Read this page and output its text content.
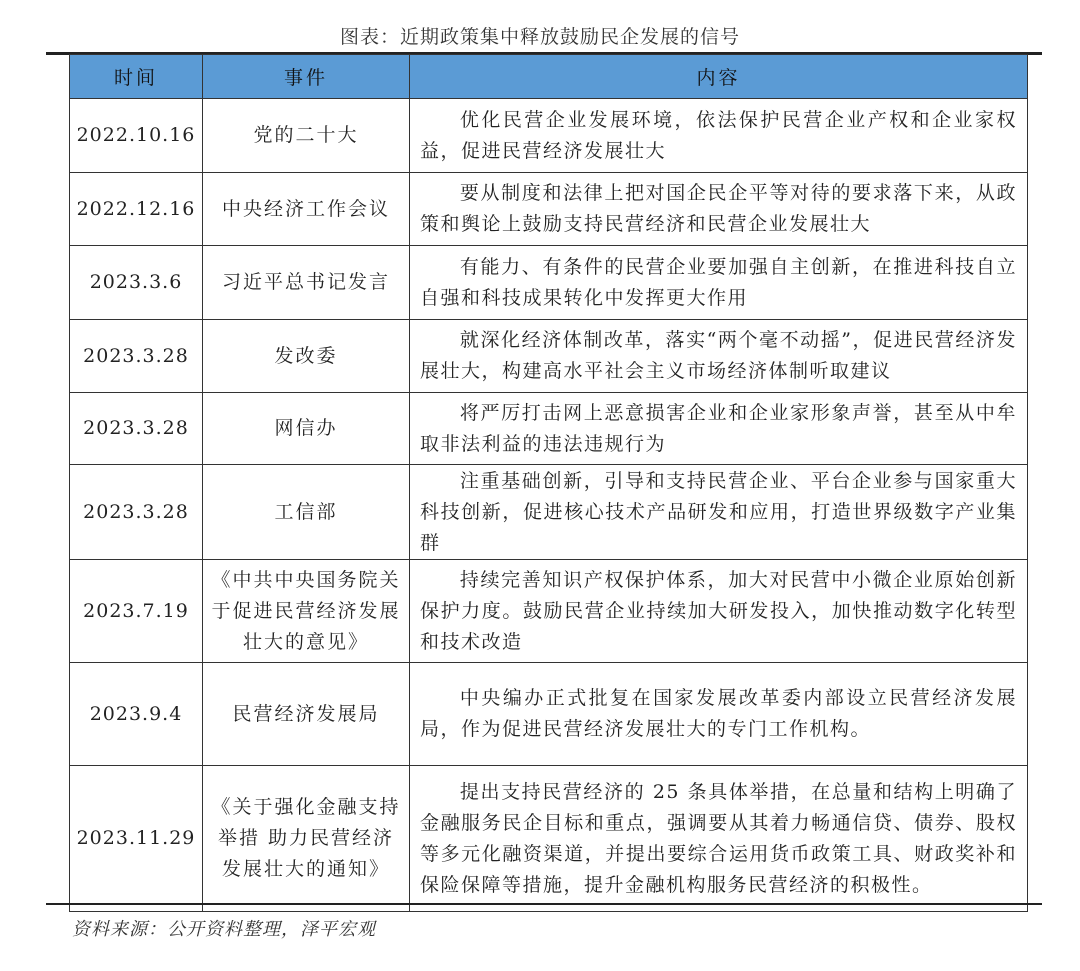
图表：近期政策集中释放鼓励民企发展的信号
时间	事件	内容
2022.10.16	党的二十大	优化民营企业发展环境，依法保护民营企业产权和企业家权益，促进民营经济发展壮大

2022.12.16	中央经济工作会议	要从制度和法律上把对国企民企平等对待的要求落下来，从政策和舆论上鼓励支持民营经济和民营企业发展壮大

2023.3.6	习近平总书记发言	有能力、有条件的民营企业要加强自主创新，在推进科技自立自强和科技成果转化中发挥更大作用

2023.3.28	发改委	就深化经济体制改革，落实“两个毫不动摇”，促进民营经济发展壮大，构建高水平社会主义市场经济体制听取建议

2023.3.28	网信办	将严厉打击网上恶意损害企业和企业家形象声誉，甚至从中牟取非法利益的违法违规行为

2023.3.28	工信部	注重基础创新，引导和支持民营企业、平台企业参与国家重大科技创新，促进核心技术产品研发和应用，打造世界级数字产业集群

2023.7.19	《中共中央国务院关于促进民营经济发展壮大的意见》	持续完善知识产权保护体系，加大对民营中小微企业原始创新保护力度。鼓励民营企业持续加大研发投入，加快推动数字化转型和技术改造

2023.9.4	民营经济发展局	中央编办正式批复在国家发展改革委内部设立民营经济发展局，作为促进民营经济发展壮大的专门工作机构。

2023.11.29	《关于强化金融支持举措 助力民营经济发展壮大的通知》	提出支持民营经济的 25 条具体举措，在总量和结构上明确了金融服务民企目标和重点，强调要从其着力畅通信贷、债券、股权等多元化融资渠道，并提出要综合运用货币政策工具、财政奖补和保险保障等措施，提升金融机构服务民营经济的积极性。
资料来源：公开资料整理，泽平宏观
